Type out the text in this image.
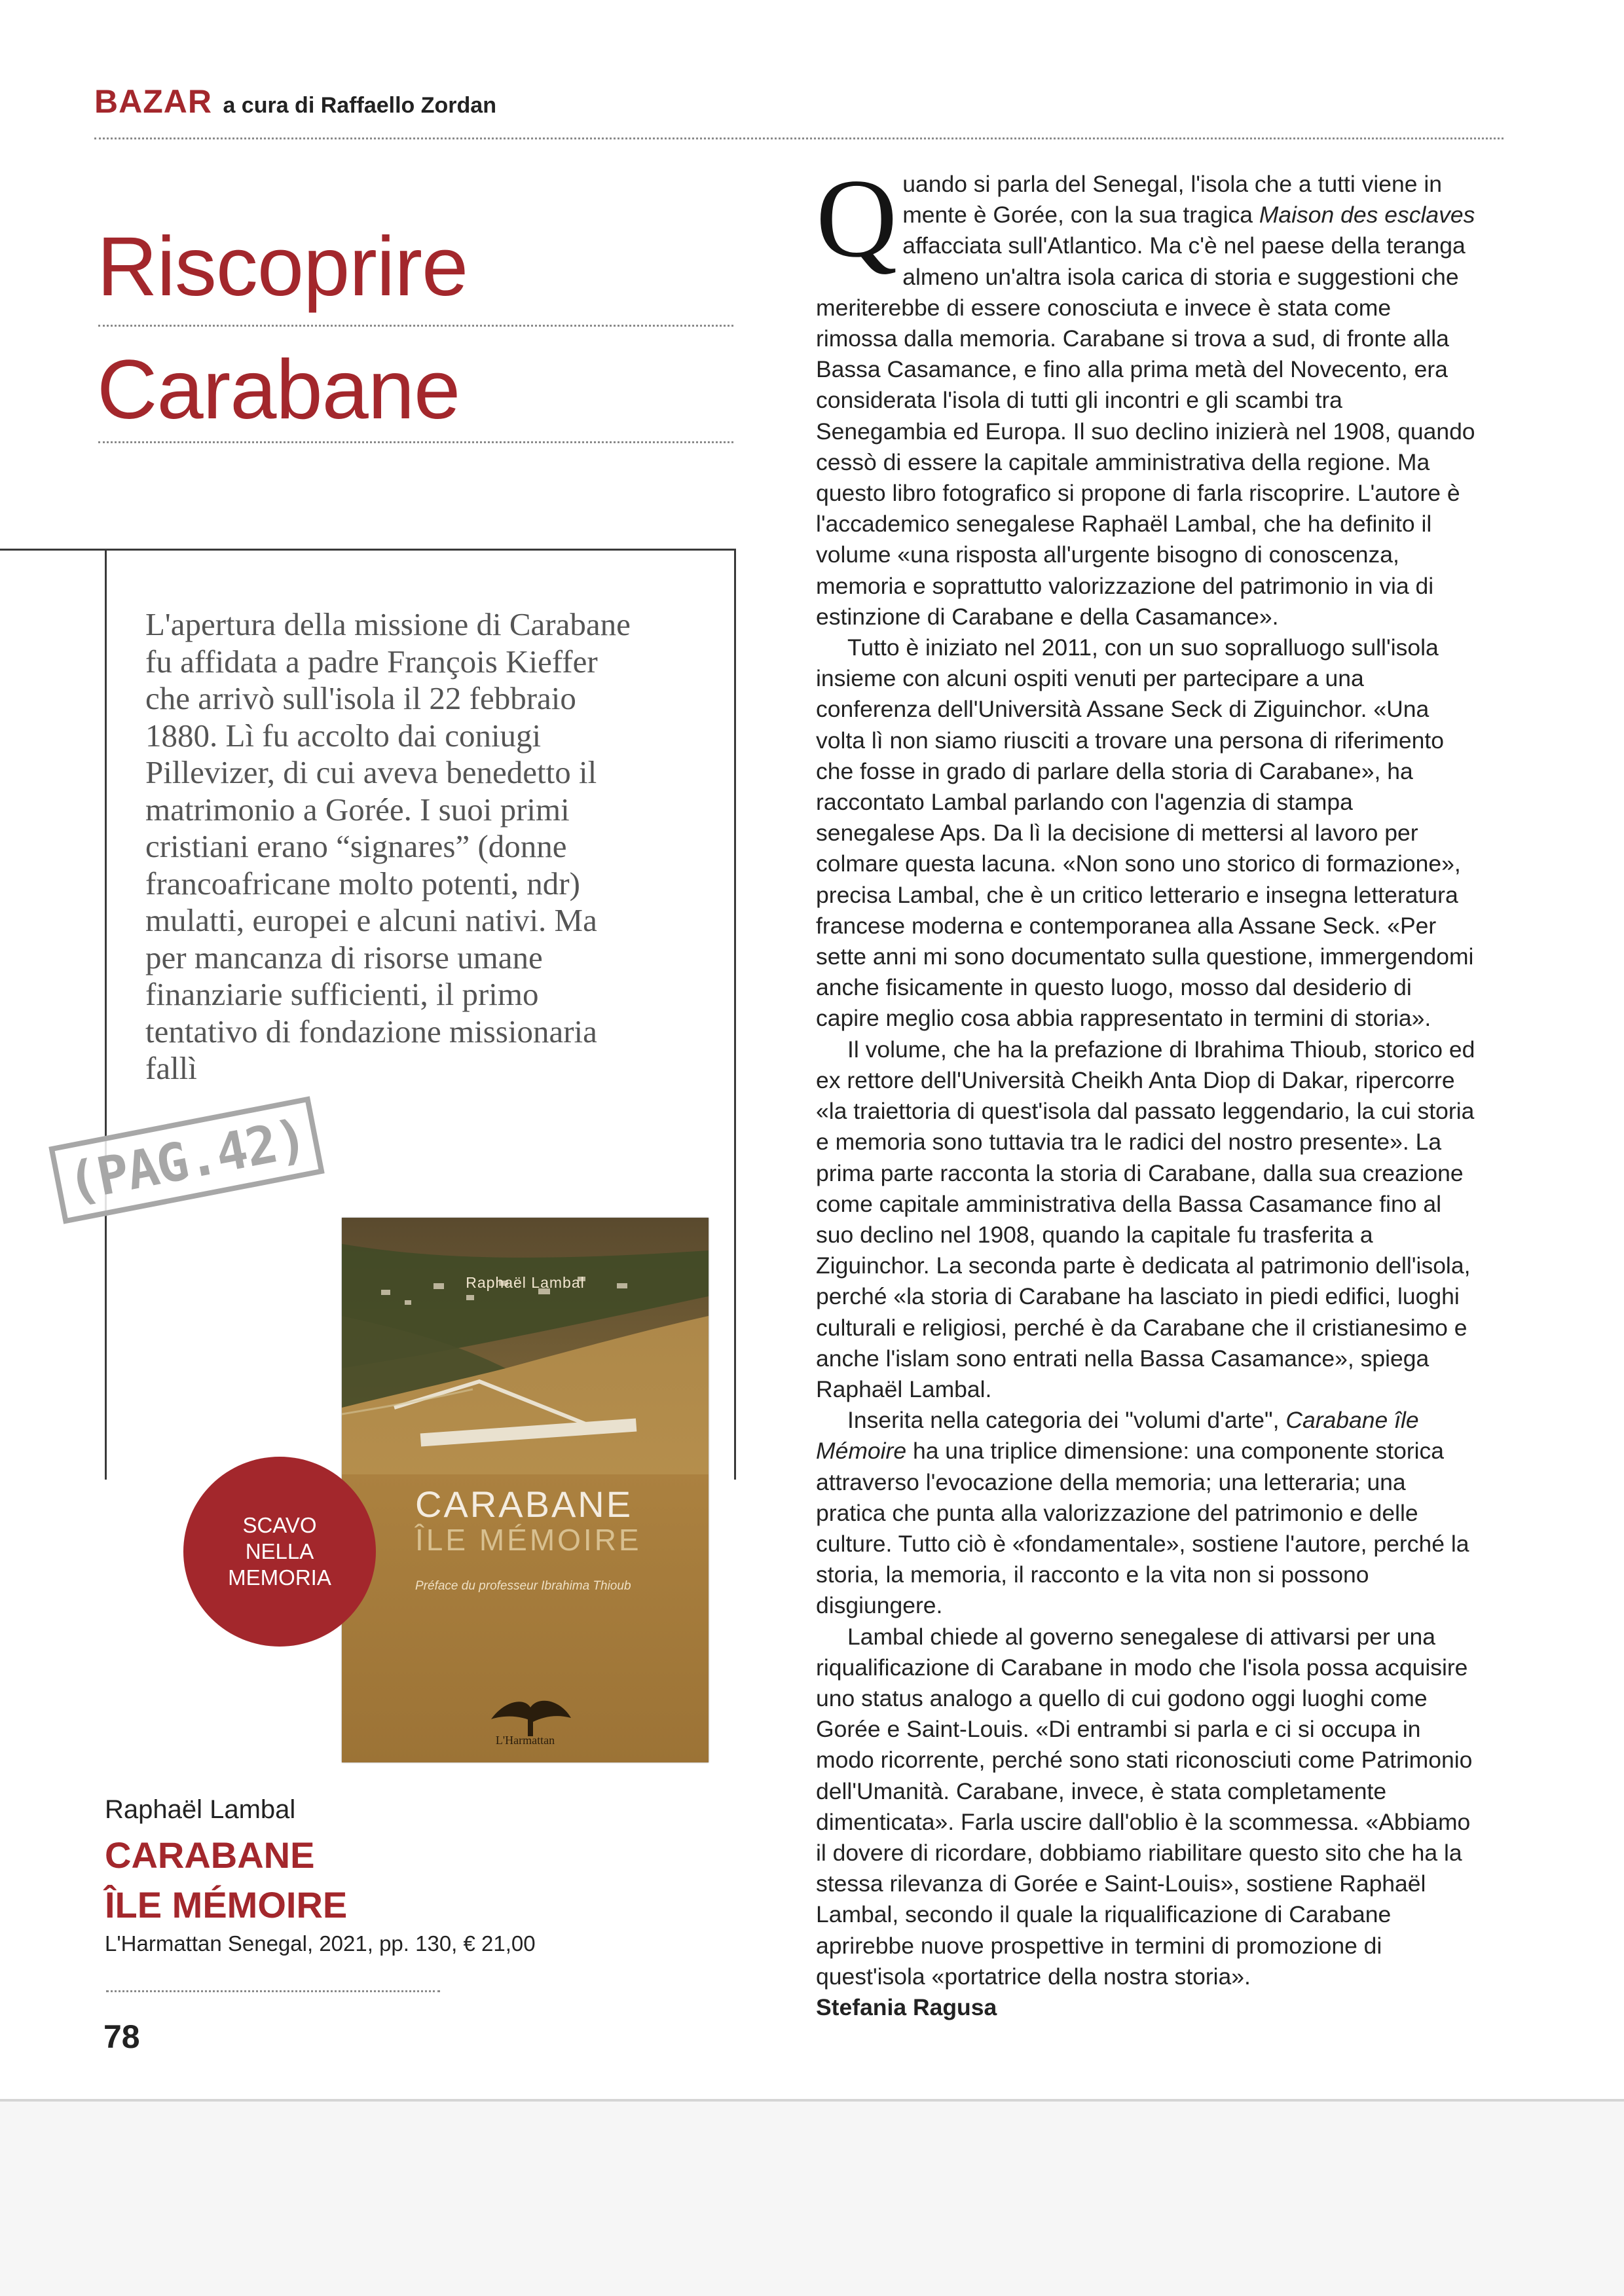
BAZAR a cura di Raffaello Zordan
Riscoprire
Carabane
L'apertura della missione di Carabane fu affidata a padre François Kieffer che arrivò sull'isola il 22 febbraio 1880. Lì fu accolto dai coniugi Pillevizer, di cui aveva benedetto il matrimonio a Gorée. I suoi primi cristiani erano “signares” (donne francoafricane molto potenti, ndr) mulatti, europei e alcuni nativi. Ma per mancanza di risorse umane finanziarie sufficienti, il primo tentativo di fondazione missionaria fallì
(PAG.42)
Raphaël Lambal
CARABANE
ÎLE MÉMOIRE
Préface du professeur Ibrahima Thioub
L'Harmattan
SCAVO
NELLA
MEMORIA
Raphaël Lambal
CARABANE
ÎLE MÉMOIRE
L'Harmattan Senegal, 2021, pp. 130, € 21,00
78

Quando si parla del Senegal, l'isola che a tutti viene in mente è Gorée, con la sua tragica Maison des esclaves affacciata sull'Atlantico. Ma c'è nel paese della teranga almeno un'altra isola carica di storia e suggestioni che meriterebbe di essere conosciuta e invece è stata come rimossa dalla memoria. Carabane si trova a sud, di fronte alla Bassa Casamance, e fino alla prima metà del Novecento, era considerata l'isola di tutti gli incontri e gli scambi tra Senegambia ed Europa. Il suo declino inizierà nel 1908, quando cessò di essere la capitale amministrativa della regione. Ma questo libro fotografico si propone di farla riscoprire. L'autore è l'accademico senegalese Raphaël Lambal, che ha definito il volume «una risposta all'urgente bisogno di conoscenza, memoria e soprattutto valorizzazione del patrimonio in via di estinzione di Carabane e della Casamance».

Tutto è iniziato nel 2011, con un suo sopralluogo sull'isola insieme con alcuni ospiti venuti per partecipare a una conferenza dell'Università Assane Seck di Ziguinchor. «Una volta lì non siamo riusciti a trovare una persona di riferimento che fosse in grado di parlare della storia di Carabane», ha raccontato Lambal parlando con l'agenzia di stampa senegalese Aps. Da lì la decisione di mettersi al lavoro per colmare questa lacuna. «Non sono uno storico di formazione», precisa Lambal, che è un critico letterario e insegna letteratura francese moderna e contemporanea alla Assane Seck. «Per sette anni mi sono documentato sulla questione, immergendomi anche fisicamente in questo luogo, mosso dal desiderio di capire meglio cosa abbia rappresentato in termini di storia».

Il volume, che ha la prefazione di Ibrahima Thioub, storico ed ex rettore dell'Università Cheikh Anta Diop di Dakar, ripercorre «la traiettoria di quest'isola dal passato leggendario, la cui storia e memoria sono tuttavia tra le radici del nostro presente». La prima parte racconta la storia di Carabane, dalla sua creazione come capitale amministrativa della Bassa Casamance fino al suo declino nel 1908, quando la capitale fu trasferita a Ziguinchor. La seconda parte è dedicata al patrimonio dell'isola, perché «la storia di Carabane ha lasciato in piedi edifici, luoghi culturali e religiosi, perché è da Carabane che il cristianesimo e anche l'islam sono entrati nella Bassa Casamance», spiega Raphaël Lambal.

Inserita nella categoria dei "volumi d'arte", Carabane île Mémoire ha una triplice dimensione: una componente storica attraverso l'evocazione della memoria; una letteraria; una pratica che punta alla valorizzazione del patrimonio e delle culture. Tutto ciò è «fondamentale», sostiene l'autore, perché la storia, la memoria, il racconto e la vita non si possono disgiungere.

Lambal chiede al governo senegalese di attivarsi per una riqualificazione di Carabane in modo che l'isola possa acquisire uno status analogo a quello di cui godono oggi luoghi come Gorée e Saint-Louis. «Di entrambi si parla e ci si occupa in modo ricorrente, perché sono stati riconosciuti come Patrimonio dell'Umanità. Carabane, invece, è stata completamente dimenticata». Farla uscire dall'oblio è la scommessa. «Abbiamo il dovere di ricordare, dobbiamo riabilitare questo sito che ha la stessa rilevanza di Gorée e Saint-Louis», sostiene Raphaël Lambal, secondo il quale la riqualificazione di Carabane aprirebbe nuove prospettive in termini di promozione di quest'isola «portatrice della nostra storia».

Stefania Ragusa
